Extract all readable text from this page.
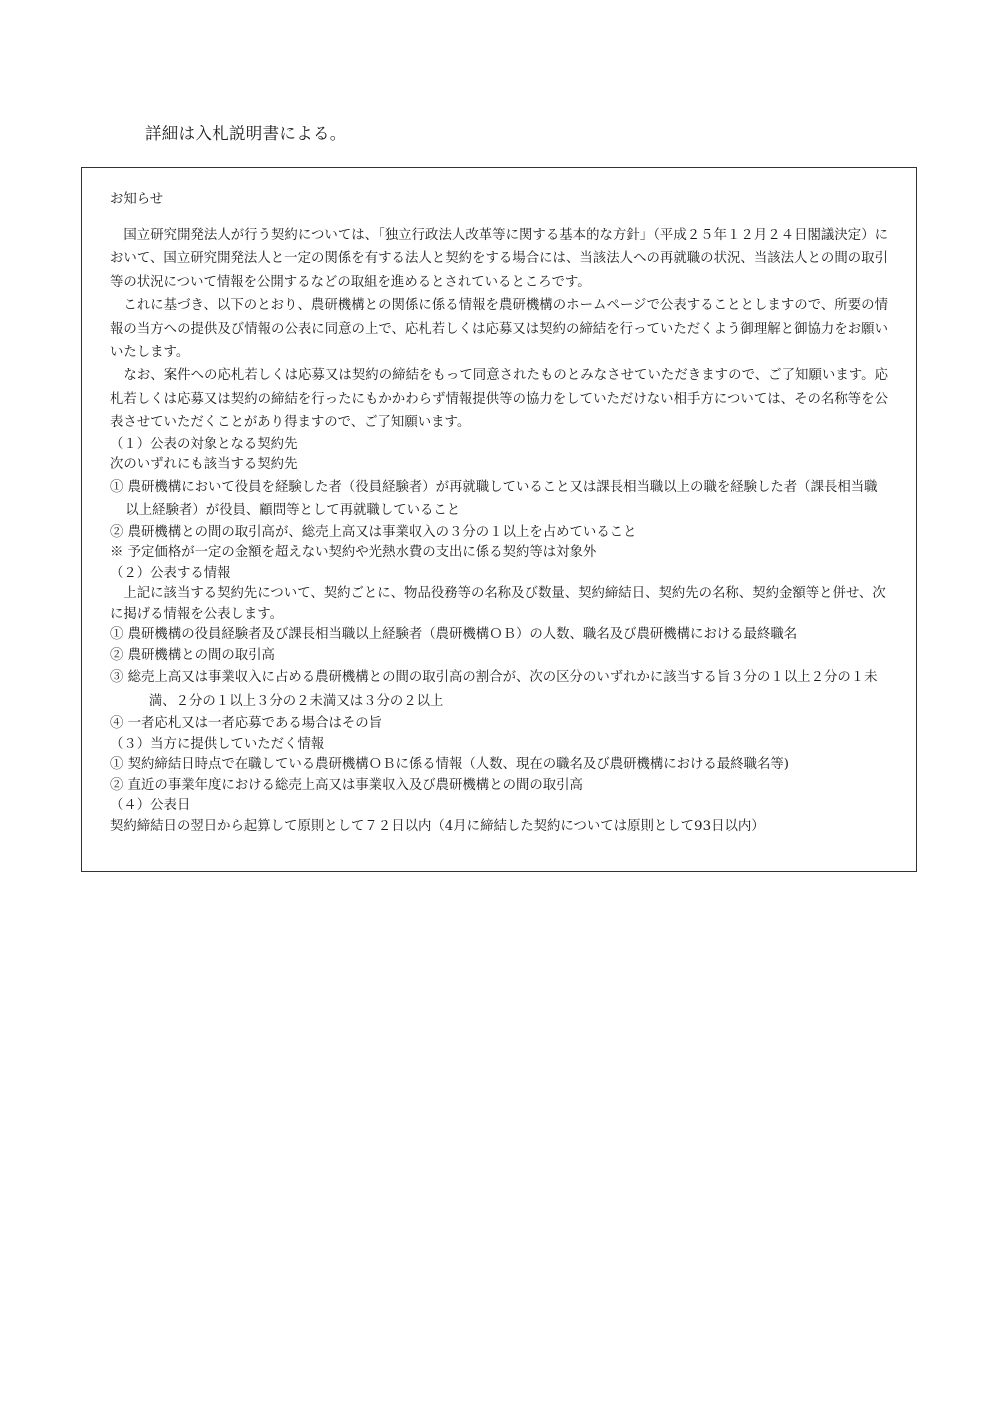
詳細は入札説明書による。

お知らせ

国立研究開発法人が行う契約については、「独立行政法人改革等に関する基本的な方針」（平成２５年１２月２４日閣議決定）において、国立研究開発法人と一定の関係を有する法人と契約をする場合には、当該法人への再就職の状況、当該法人との間の取引等の状況について情報を公開するなどの取組を進めるとされているところです。

これに基づき、以下のとおり、農研機構との関係に係る情報を農研機構のホームページで公表することとしますので、所要の情報の当方への提供及び情報の公表に同意の上で、応札若しくは応募又は契約の締結を行っていただくよう御理解と御協力をお願いいたします。

なお、案件への応札若しくは応募又は契約の締結をもって同意されたものとみなさせていただきますので、ご了知願います。応札若しくは応募又は契約の締結を行ったにもかかわらず情報提供等の協力をしていただけない相手方については、その名称等を公表させていただくことがあり得ますので、ご了知願います。

（１）公表の対象となる契約先

次のいずれにも該当する契約先

① 農研機構において役員を経験した者（役員経験者）が再就職していること又は課長相当職以上の職を経験した者（課長相当職以上経験者）が役員、顧問等として再就職していること

② 農研機構との間の取引高が、総売上高又は事業収入の３分の１以上を占めていること

※ 予定価格が一定の金額を超えない契約や光熱水費の支出に係る契約等は対象外

（２）公表する情報

上記に該当する契約先について、契約ごとに、物品役務等の名称及び数量、契約締結日、契約先の名称、契約金額等と併せ、次に掲げる情報を公表します。

① 農研機構の役員経験者及び課長相当職以上経験者（農研機構ＯＢ）の人数、職名及び農研機構における最終職名

② 農研機構との間の取引高

③ 総売上高又は事業収入に占める農研機構との間の取引高の割合が、次の区分のいずれかに該当する旨３分の１以上２分の１未満、２分の１以上３分の２未満又は３分の２以上

④ 一者応札又は一者応募である場合はその旨

（３）当方に提供していただく情報

① 契約締結日時点で在職している農研機構ＯＢに係る情報（人数、現在の職名及び農研機構における最終職名等)

② 直近の事業年度における総売上高又は事業収入及び農研機構との間の取引高

（４）公表日

契約締結日の翌日から起算して原則として７２日以内（4月に締結した契約については原則として93日以内）
